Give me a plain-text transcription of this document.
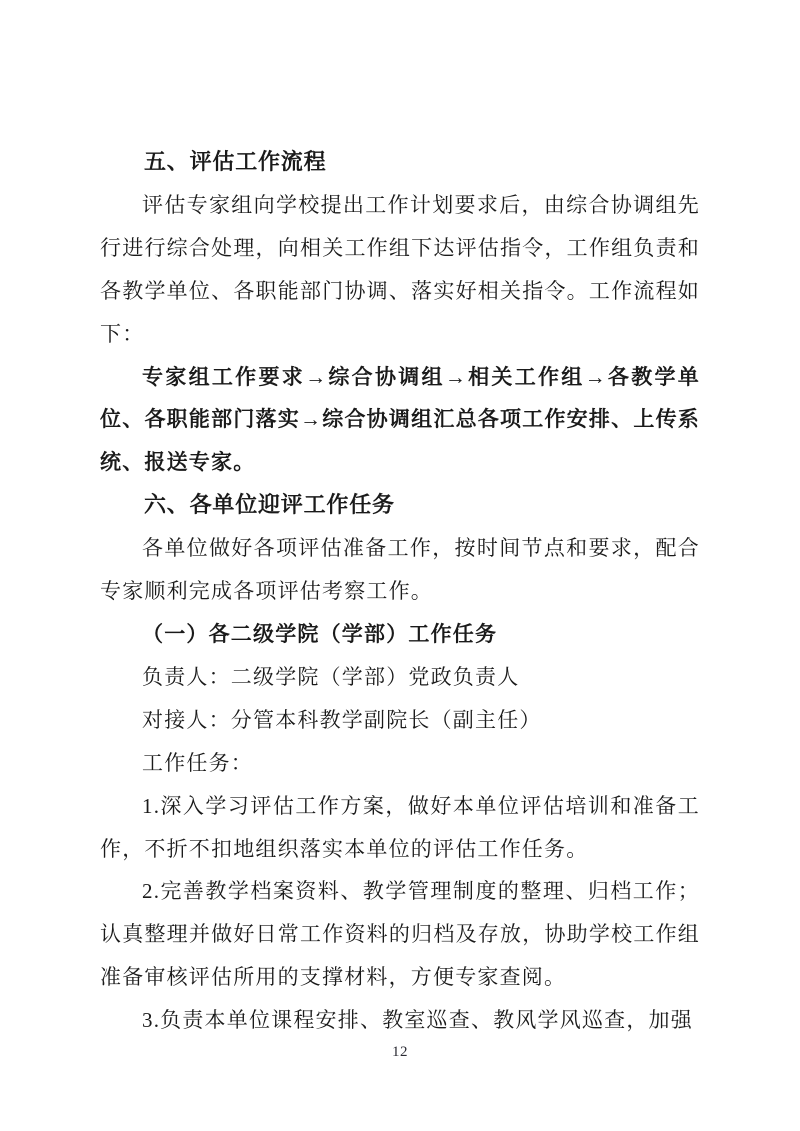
五、评估工作流程

评估专家组向学校提出工作计划要求后，由综合协调组先行进行综合处理，向相关工作组下达评估指令，工作组负责和各教学单位、各职能部门协调、落实好相关指令。工作流程如下：

专家组工作要求→综合协调组→相关工作组→各教学单位、各职能部门落实→综合协调组汇总各项工作安排、上传系统、报送专家。

六、各单位迎评工作任务

各单位做好各项评估准备工作，按时间节点和要求，配合专家顺利完成各项评估考察工作。

（一）各二级学院（学部）工作任务

负责人：二级学院（学部）党政负责人

对接人：分管本科教学副院长（副主任）

工作任务：

1.深入学习评估工作方案，做好本单位评估培训和准备工作，不折不扣地组织落实本单位的评估工作任务。

2.完善教学档案资料、教学管理制度的整理、归档工作；认真整理并做好日常工作资料的归档及存放，协助学校工作组准备审核评估所用的支撑材料，方便专家查阅。

3.负责本单位课程安排、教室巡查、教风学风巡查，加强

12
